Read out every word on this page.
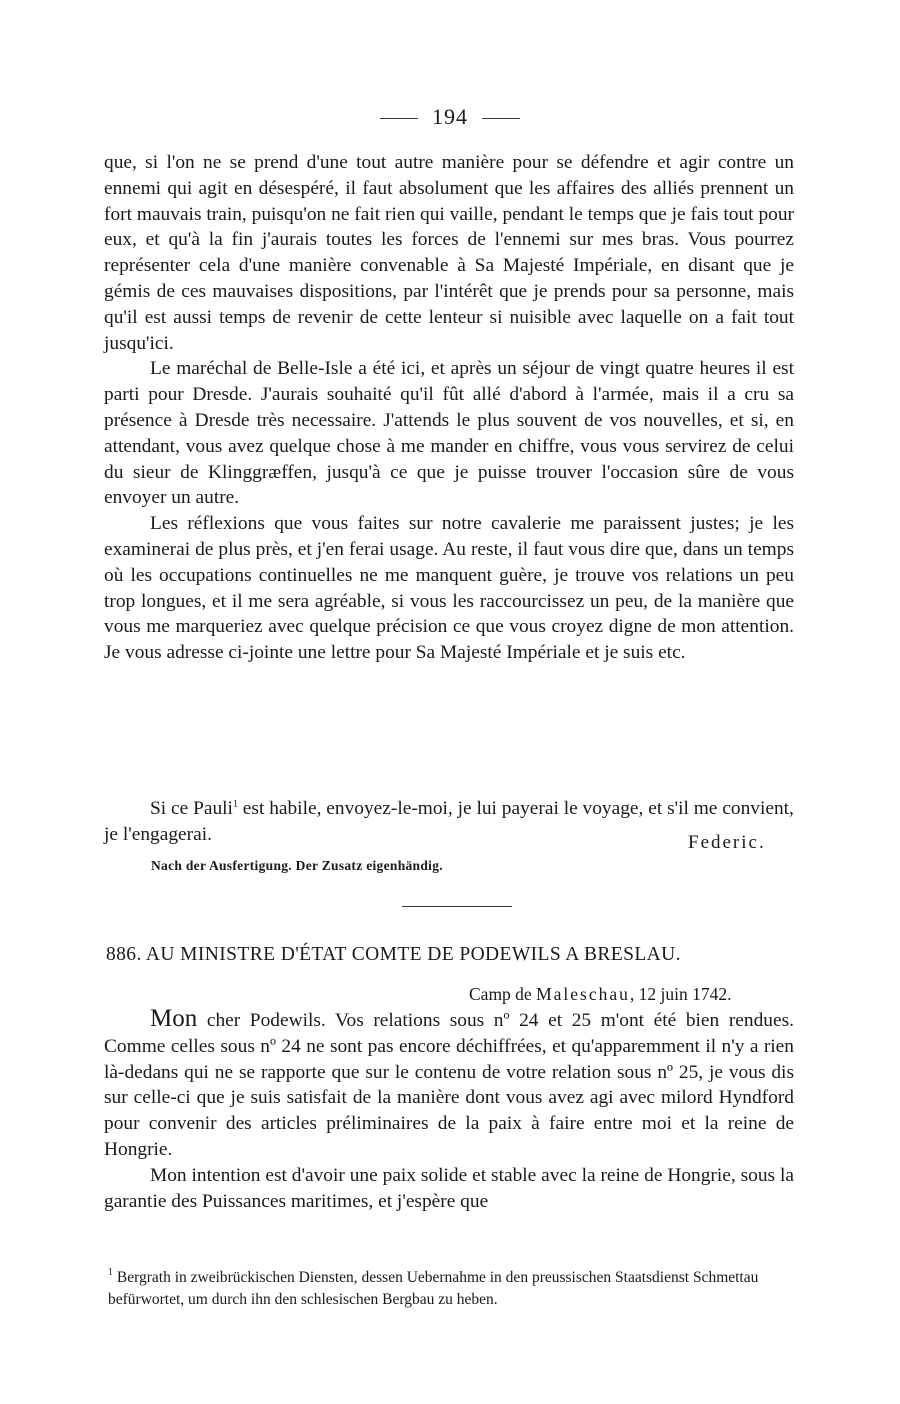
194

que, si l'on ne se prend d'une tout autre manière pour se défendre et agir contre un ennemi qui agit en désespéré, il faut absolument que les affaires des alliés prennent un fort mauvais train, puisqu'on ne fait rien qui vaille, pendant le temps que je fais tout pour eux, et qu'à la fin j'aurais toutes les forces de l'ennemi sur mes bras. Vous pourrez représenter cela d'une manière convenable à Sa Majesté Impériale, en disant que je gémis de ces mauvaises dispositions, par l'intérêt que je prends pour sa personne, mais qu'il est aussi temps de revenir de cette lenteur si nuisible avec laquelle on a fait tout jusqu'ici.

Le maréchal de Belle-Isle a été ici, et après un séjour de vingt quatre heures il est parti pour Dresde. J'aurais souhaité qu'il fût allé d'abord à l'armée, mais il a cru sa présence à Dresde très necessaire. J'attends le plus souvent de vos nouvelles, et si, en attendant, vous avez quelque chose à me mander en chiffre, vous vous servirez de celui du sieur de Klinggræffen, jusqu'à ce que je puisse trouver l'occasion sûre de vous envoyer un autre.

Les réflexions que vous faites sur notre cavalerie me paraissent justes; je les examinerai de plus près, et j'en ferai usage. Au reste, il faut vous dire que, dans un temps où les occupations continuelles ne me manquent guère, je trouve vos relations un peu trop longues, et il me sera agréable, si vous les raccourcissez un peu, de la manière que vous me marqueriez avec quelque précision ce que vous croyez digne de mon attention. Je vous adresse ci-jointe une lettre pour Sa Majesté Impériale et je suis etc.

Si ce Pauli$^1$ est habile, envoyez-le-moi, je lui payerai le voyage, et s'il me convient, je l'engagerai.	Federic.
Nach der Ausfertigung. Der Zusatz eigenhändig.
886. AU MINISTRE D'ÉTAT COMTE DE PODEWILS A BRESLAU.
Camp de Maleschau, 12 juin 1742.

Mon cher Podewils. Vos relations sous nº 24 et 25 m'ont été bien rendues. Comme celles sous nº 24 ne sont pas encore déchiffrées, et qu'apparemment il n'y a rien là-dedans qui ne se rapporte que sur le contenu de votre relation sous nº 25, je vous dis sur celle-ci que je suis satisfait de la manière dont vous avez agi avec milord Hyndford pour convenir des articles préliminaires de la paix à faire entre moi et la reine de Hongrie.

Mon intention est d'avoir une paix solide et stable avec la reine de Hongrie, sous la garantie des Puissances maritimes, et j'espère que

$^1$ Bergrath in zweibrückischen Diensten, dessen Uebernahme in den preussischen Staatsdienst Schmettau befürwortet, um durch ihn den schlesischen Bergbau zu heben.
